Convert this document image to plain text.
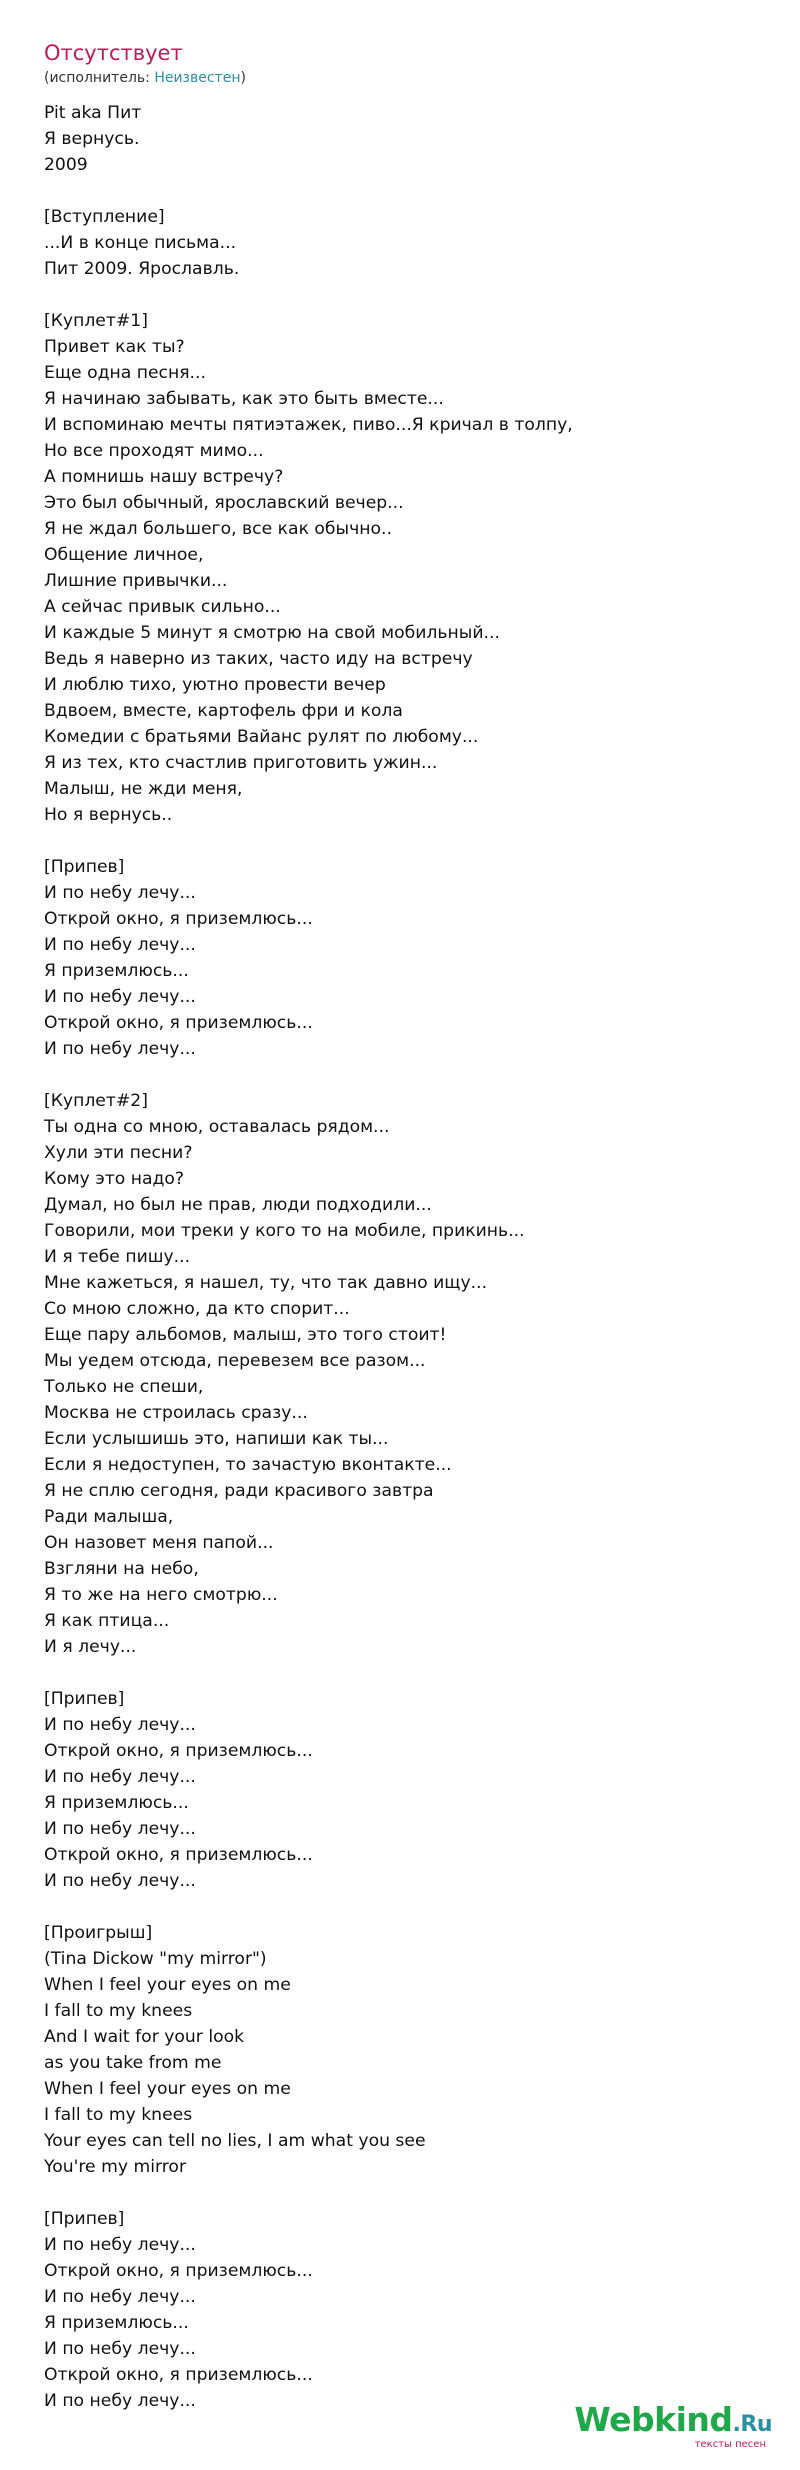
Отсутствует
(исполнитель: Неизвестен)
Pit aka Пит
Я вернусь.
2009
[Вступление]
...И в конце письма...
Пит 2009. Ярославль.
[Куплет#1]
Привет как ты?
Еще одна песня...
Я начинаю забывать, как это быть вместе...
И вспоминаю мечты пятиэтажек, пиво...Я кричал в толпу,
Но все проходят мимо...
А помнишь нашу встречу?
Это был обычный, ярославский вечер...
Я не ждал большего, все как обычно..
Общение личное,
Лишние привычки...
А сейчас привык сильно...
И каждые 5 минут я смотрю на свой мобильный...
Ведь я наверно из таких, часто иду на встречу
И люблю тихо, уютно провести вечер
Вдвоем, вместе, картофель фри и кола
Комедии с братьями Вайанс рулят по любому...
Я из тех, кто счастлив приготовить ужин...
Малыш, не жди меня,
Но я вернусь..
[Припев]
И по небу лечу...
Открой окно, я приземлюсь...
И по небу лечу...
Я приземлюсь...
И по небу лечу...
Открой окно, я приземлюсь...
И по небу лечу...
[Куплет#2]
Ты одна со мною, оставалась рядом...
Хули эти песни?
Кому это надо?
Думал, но был не прав, люди подходили...
Говорили, мои треки у кого то на мобиле, прикинь...
И я тебе пишу...
Мне кажеться, я нашел, ту, что так давно ищу...
Со мною сложно, да кто спорит...
Еще пару альбомов, малыш, это того стоит!
Мы уедем отсюда, перевезем все разом...
Только не спеши,
Москва не строилась сразу...
Если услышишь это, напиши как ты...
Если я недоступен, то зачастую вконтакте...
Я не сплю сегодня, ради красивого завтра
Ради малыша,
Он назовет меня папой...
Взгляни на небо,
Я то же на него смотрю...
Я как птица...
И я лечу...
[Припев]
И по небу лечу...
Открой окно, я приземлюсь...
И по небу лечу...
Я приземлюсь...
И по небу лечу...
Открой окно, я приземлюсь...
И по небу лечу...
[Проигрыш]
(Tina Dickow "my mirror")
When I feel your eyes on me
I fall to my knees
And I wait for your look
as you take from me
When I feel your eyes on me
I fall to my knees
Your eyes can tell no lies, I am what you see
You're my mirror
[Припев]
И по небу лечу...
Открой окно, я приземлюсь...
И по небу лечу...
Я приземлюсь...
И по небу лечу...
Открой окно, я приземлюсь...
И по небу лечу...	Webkind.Ru
тексты песен
